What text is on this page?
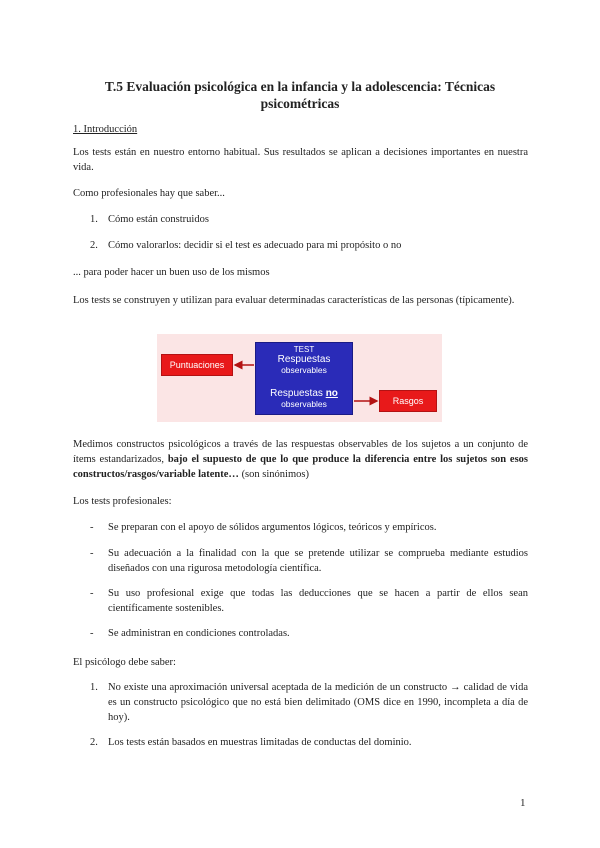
T.5 Evaluación psicológica en la infancia y la adolescencia: Técnicas psicométricas
1. Introducción
Los tests están en nuestro entorno habitual. Sus resultados se aplican a decisiones importantes en nuestra vida.
Como profesionales hay que saber...
1. Cómo están construidos
2. Cómo valorarlos: decidir si el test es adecuado para mi propósito o no
... para poder hacer un buen uso de los mismos
Los tests se construyen y utilizan para evaluar determinadas características de las personas (típicamente).
Puntuaciones
TEST
Respuestas
observables
Respuestas no
observables	Rasgos
Medimos constructos psicológicos a través de las respuestas observables de los sujetos a un conjunto de ítems estandarizados, bajo el supuesto de que lo que produce la diferencia entre los sujetos son esos constructos/rasgos/variable latente… (son sinónimos)
Los tests profesionales:
- Se preparan con el apoyo de sólidos argumentos lógicos, teóricos y empíricos.
- Su adecuación a la finalidad con la que se pretende utilizar se comprueba mediante estudios diseñados con una rigurosa metodología científica.
- Su uso profesional exige que todas las deducciones que se hacen a partir de ellos sean científicamente sostenibles.
- Se administran en condiciones controladas.
El psicólogo debe saber:
1. No existe una aproximación universal aceptada de la medición de un constructo → calidad de vida es un constructo psicológico que no está bien delimitado (OMS dice en 1990, incompleta a día de hoy).
2. Los tests están basados en muestras limitadas de conductas del dominio.
1
